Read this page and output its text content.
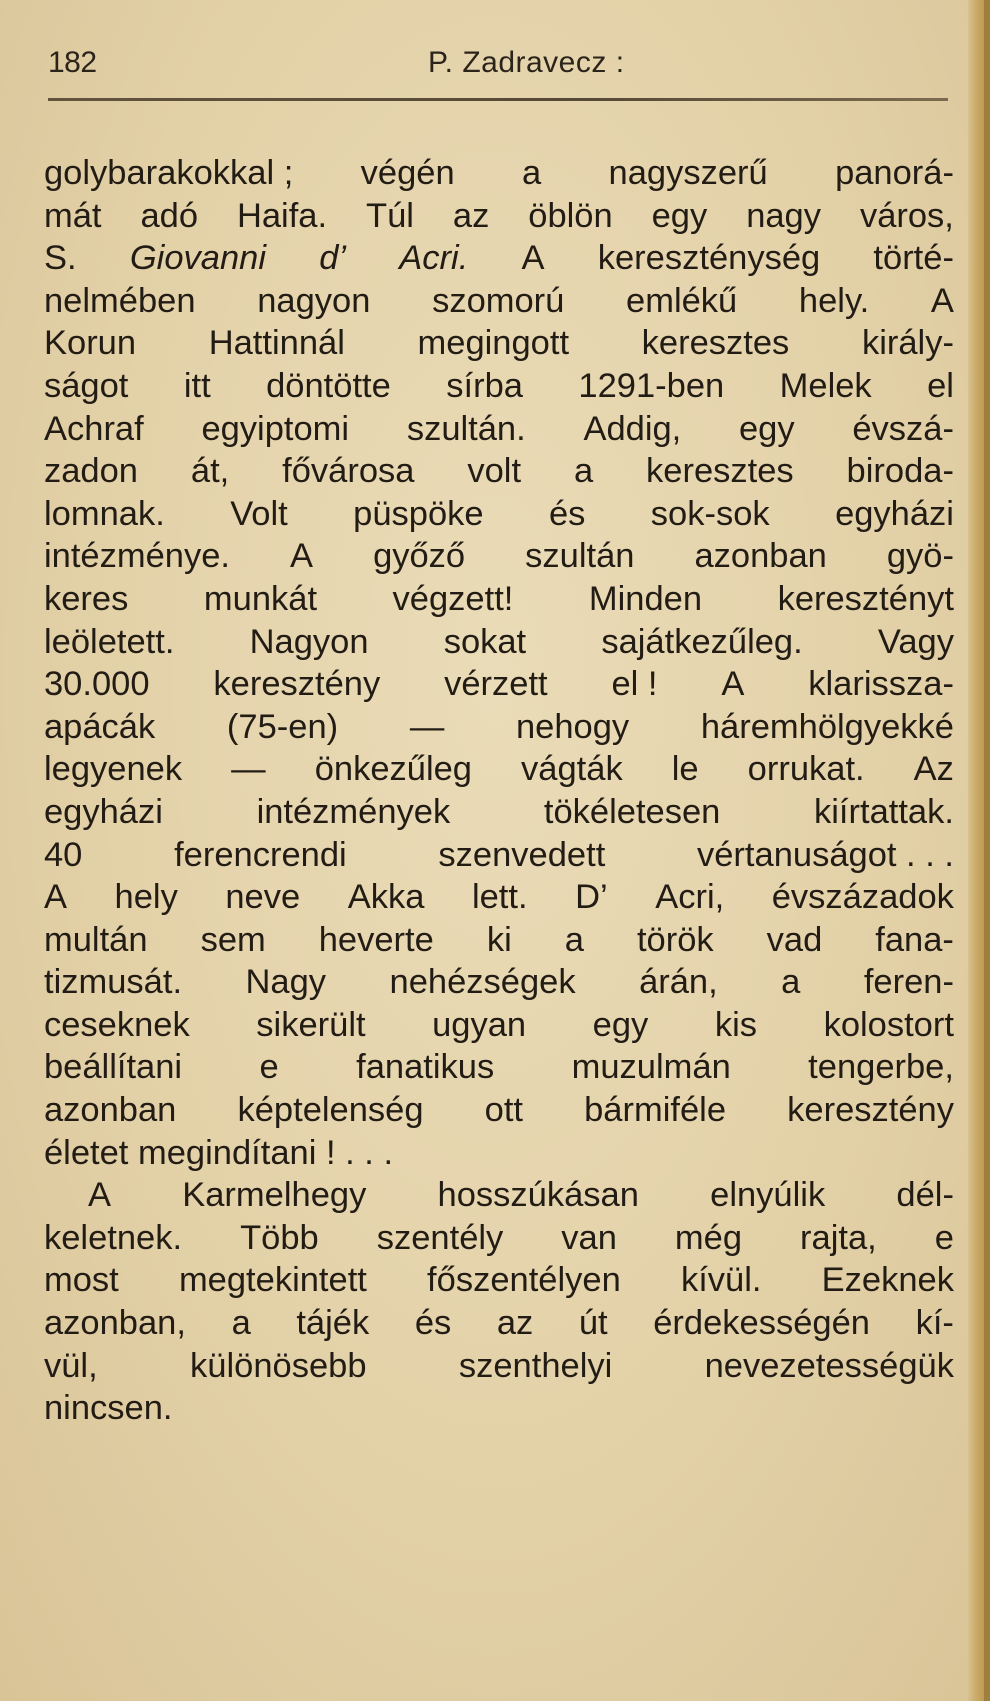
182	P. Zadravecz :
golybarakokkal ; végén a nagyszerű panorá-
mát adó Haifa. Túl az öblön egy nagy város,
S. Giovanni d’ Acri. A kereszténység törté-
nelmében nagyon szomorú emlékű hely. A
Korun Hattinnál megingott keresztes király-
ságot itt döntötte sírba 1291-ben Melek el
Achraf egyiptomi szultán. Addig, egy évszá-
zadon át, fővárosa volt a keresztes biroda-
lomnak. Volt püspöke és sok-sok egyházi
intézménye. A győző szultán azonban gyö-
keres munkát végzett! Minden keresztényt
leöletett. Nagyon sokat sajátkezűleg. Vagy
30.000 keresztény vérzett el ! A klarissza-
apácák (75-en) — nehogy háremhölgyekké
legyenek — önkezűleg vágták le orrukat. Az
egyházi	intézmények	tökéletesen	kiírtattak.
40	ferencrendi	szenvedett	vértanuságot . . .
A hely neve Akka lett. D’ Acri, évszázadok
multán sem heverte ki a török vad fana-
tizmusát. Nagy nehézségek árán, a feren-
ceseknek sikerült ugyan egy kis kolostort
beállítani e fanatikus muzulmán tengerbe,
azonban képtelenség ott bármiféle keresztény
életet
megindítani ! . . .
A Karmelhegy hosszúkásan elnyúlik dél-
keletnek. Több szentély van még rajta, e
most megtekintett főszentélyen kívül. Ezeknek
azonban, a tájék és az út érdekességén kí-
vül,	különösebb	szenthelyi	nevezetességük
nincsen.
